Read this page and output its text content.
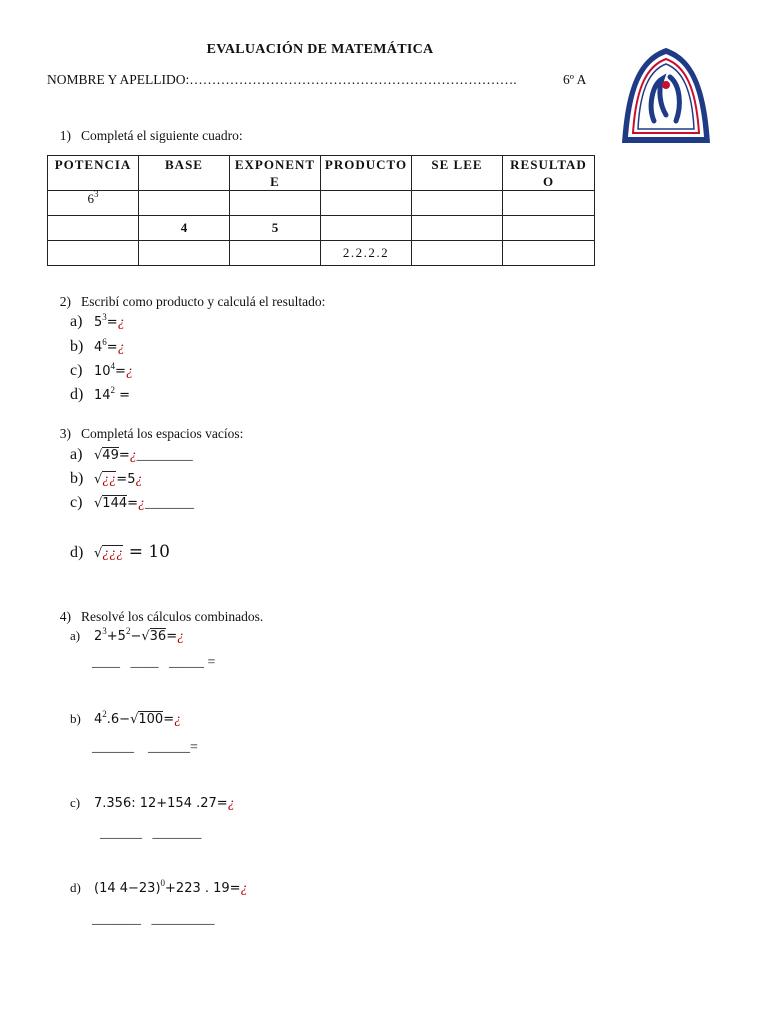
EVALUACIÓN DE MATEMÁTICA
NOMBRE Y APELLIDO:……………………………………………………………….	6º A
1) Completá el siguiente cuadro:
POTENCIA	BASE	EXPONENTE	PRODUCTO	SE LEE	RESULTADO

$6^3$					
	4	5			
			2.2.2.2		
2) Escribí como producto y calculá el resultado:
a) $5^3=¿$
b) $4^6=¿$
c) $10^4=¿$
d) $14^2$ =
3) Completá los espacios vacíos:
a) √49=¿________
b) √¿¿=5¿
c) √144=¿_______
d) √¿¿¿ = 10
4) Resolvé los cálculos combinados.
a) $2^3+5^2-√36=¿$
____   ____   _____ =
b) $4^2.6-√100=¿$
______    ______=
c) 7.356: 12+154 .27=¿
______   _______
d) (14 4−23)$^0$+223 . 19=¿
_______   _________
